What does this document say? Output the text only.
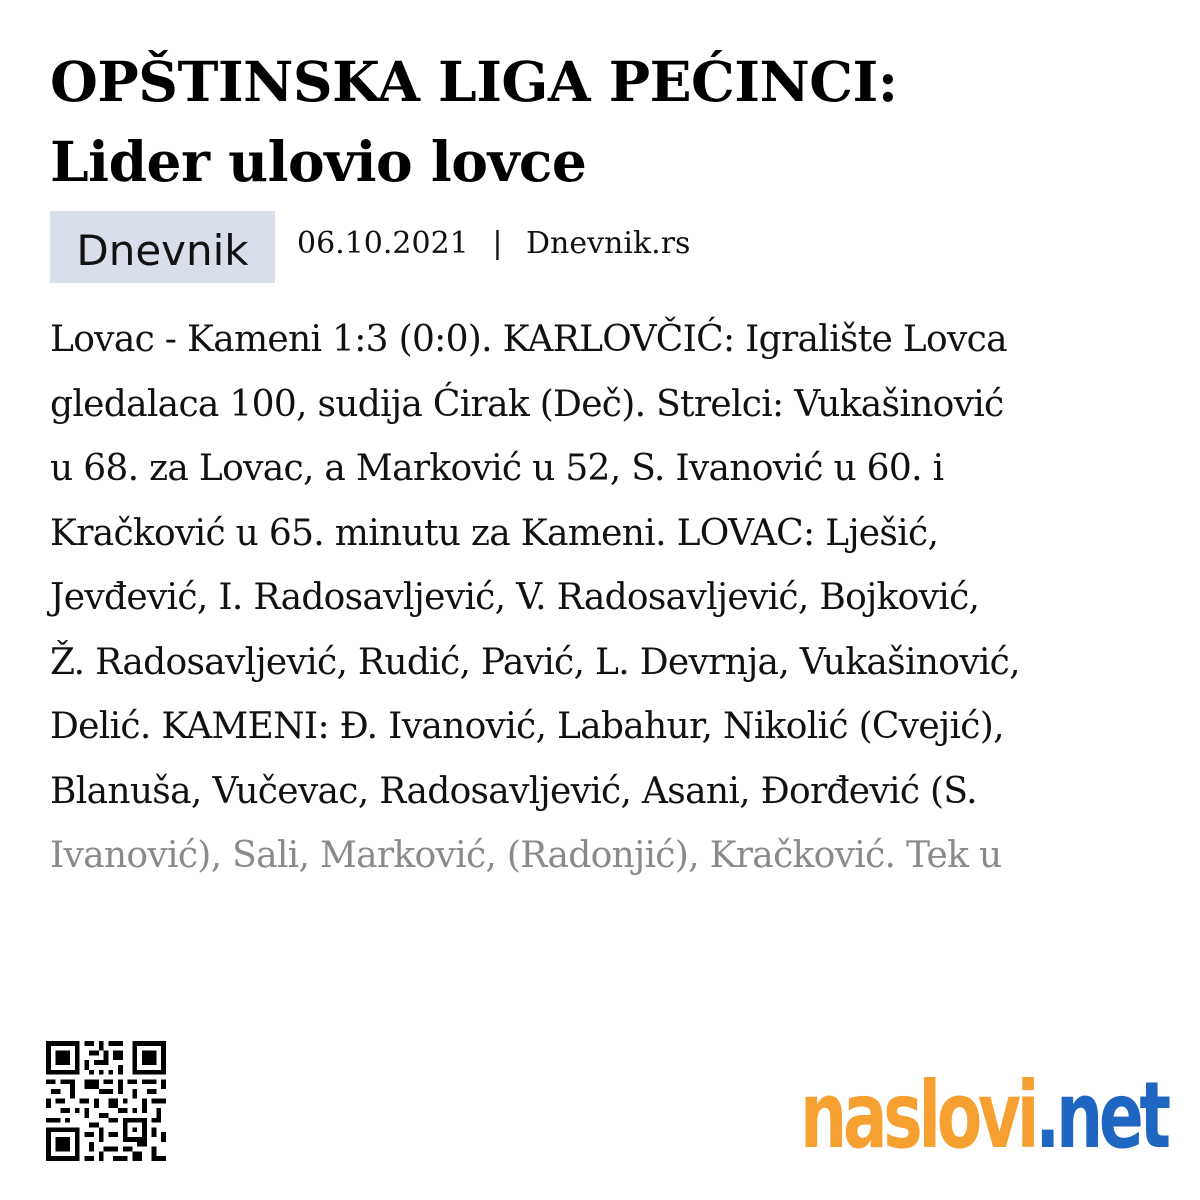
OPŠTINSKA LIGA PEĆINCI:
Lider ulovio lovce
Dnevnik	06.10.2021 | Dnevnik.rs
Lovac - Kameni 1:3 (0:0). KARLOVČIĆ: Igralište Lovca
gledalaca 100, sudija Ćirak (Deč). Strelci: Vukašinović
u 68. za Lovac, a Marković u 52, S. Ivanović u 60. i
Kračković u 65. minutu za Kameni. LOVAC: Lješić,
Jevđević, I. Radosavljević, V. Radosavljević, Bojković,
Ž. Radosavljević, Rudić, Pavić, L. Devrnja, Vukašinović,
Delić. KAMENI: Đ. Ivanović, Labahur, Nikolić (Cvejić),
Blanuša, Vučevac, Radosavljević, Asani, Đorđević (S.
Ivanović), Sali, Marković, (Radonjić), Kračković. Tek u
naslovi.net
